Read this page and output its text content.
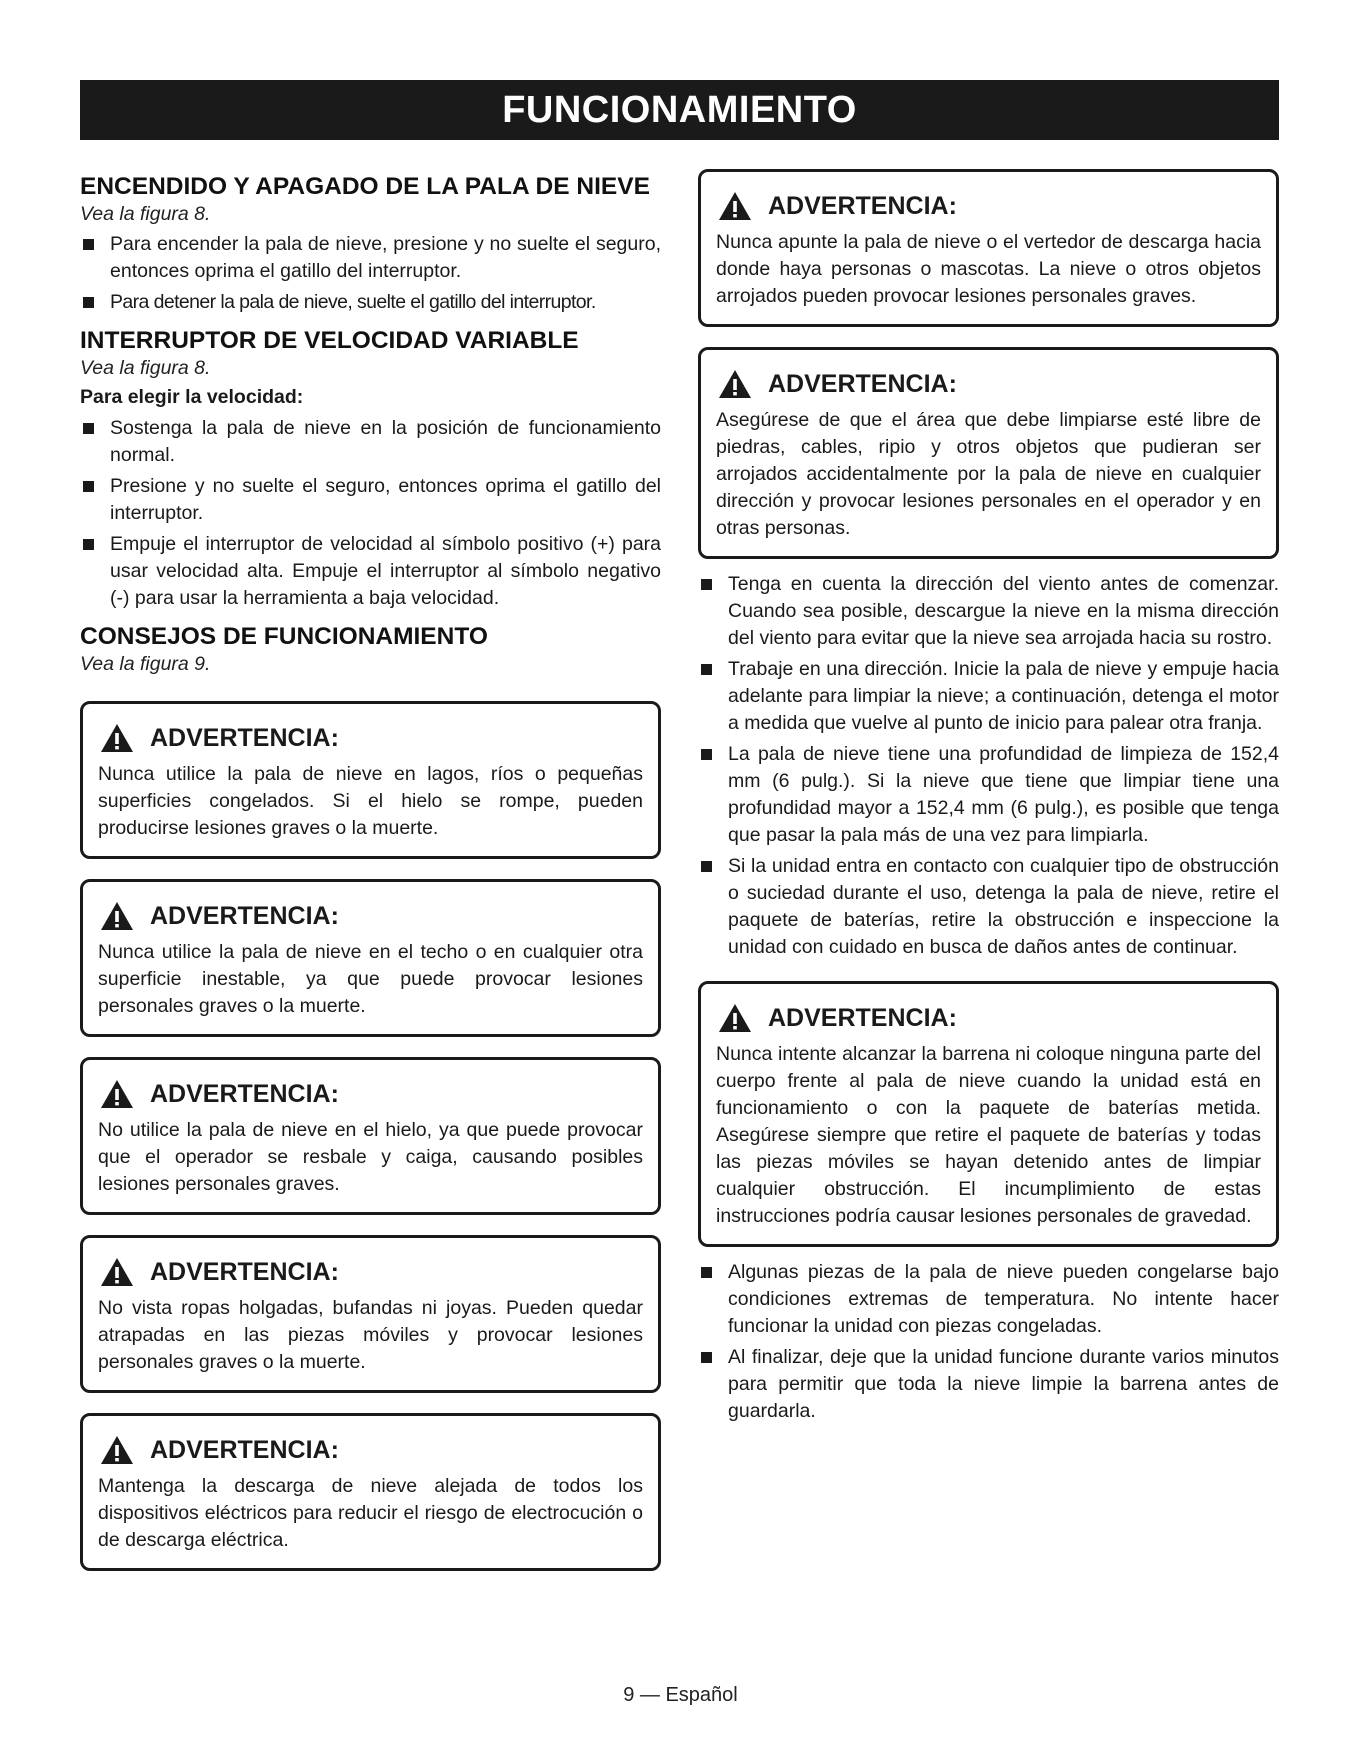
FUNCIONAMIENTO
ENCENDIDO Y APAGADO DE LA PALA DE NIEVE
Vea la figura 8.
Para encender la pala de nieve, presione y no suelte el seguro, entonces oprima el gatillo del interruptor.
Para detener la pala de nieve, suelte el gatillo del interruptor.
INTERRUPTOR DE VELOCIDAD VARIABLE
Vea la figura 8.
Para elegir la velocidad:
Sostenga la pala de nieve en la posición de funcionamiento normal.
Presione y no suelte el seguro, entonces oprima el gatillo del interruptor.
Empuje el interruptor de velocidad al símbolo positivo (+) para usar velocidad alta. Empuje el interruptor al símbolo negativo (-) para usar la herramienta a baja velocidad.
CONSEJOS DE FUNCIONAMIENTO
Vea la figura 9.
ADVERTENCIA:
Nunca utilice la pala de nieve en lagos, ríos o pequeñas superficies congelados. Si el hielo se rompe, pueden producirse lesiones graves o la muerte.
ADVERTENCIA:
Nunca utilice la pala de nieve en el techo o en cualquier otra superficie inestable, ya que puede provocar lesiones personales graves o la muerte.
ADVERTENCIA:
No utilice la pala de nieve en el hielo, ya que puede provocar que el operador se resbale y caiga, causando posibles lesiones personales graves.
ADVERTENCIA:
No vista ropas holgadas, bufandas ni joyas. Pueden quedar atrapadas en las piezas móviles y provocar lesiones personales graves o la muerte.
ADVERTENCIA:
Mantenga la descarga de nieve alejada de todos los dispositivos eléctricos para reducir el riesgo de electrocución o de descarga eléctrica.
ADVERTENCIA:
Nunca apunte la pala de nieve o el vertedor de descarga hacia donde haya personas o mascotas. La nieve o otros objetos arrojados pueden provocar lesiones personales graves.
ADVERTENCIA:
Asegúrese de que el área que debe limpiarse esté libre de piedras, cables, ripio y otros objetos que pudieran ser arrojados accidentalmente por la pala de nieve en cualquier dirección y provocar lesiones personales en el operador y en otras personas.
Tenga en cuenta la dirección del viento antes de comenzar. Cuando sea posible, descargue la nieve en la misma dirección del viento para evitar que la nieve sea arrojada hacia su rostro.
Trabaje en una dirección. Inicie la pala de nieve y empuje hacia adelante para limpiar la nieve; a continuación, detenga el motor a medida que vuelve al punto de inicio para palear otra franja.
La pala de nieve tiene una profundidad de limpieza de 152,4 mm (6 pulg.). Si la nieve que tiene que limpiar tiene una profundidad mayor a 152,4 mm (6 pulg.), es posible que tenga que pasar la pala más de una vez para limpiarla.
Si la unidad entra en contacto con cualquier tipo de obstrucción o suciedad durante el uso, detenga la pala de nieve, retire el paquete de baterías, retire la obstrucción e inspeccione la unidad con cuidado en busca de daños antes de continuar.
ADVERTENCIA:
Nunca intente alcanzar la barrena ni coloque ninguna parte del cuerpo frente al pala de nieve cuando la unidad está en funcionamiento o con la paquete de baterías metida. Asegúrese siempre que retire el paquete de baterías y todas las piezas móviles se hayan detenido antes de limpiar cualquier obstrucción. El incumplimiento de estas instrucciones podría causar lesiones personales de gravedad.
Algunas piezas de la pala de nieve pueden congelarse bajo condiciones extremas de temperatura. No intente hacer funcionar la unidad con piezas congeladas.
Al finalizar, deje que la unidad funcione durante varios minutos para permitir que toda la nieve limpie la barrena antes de guardarla.
9 — Español
